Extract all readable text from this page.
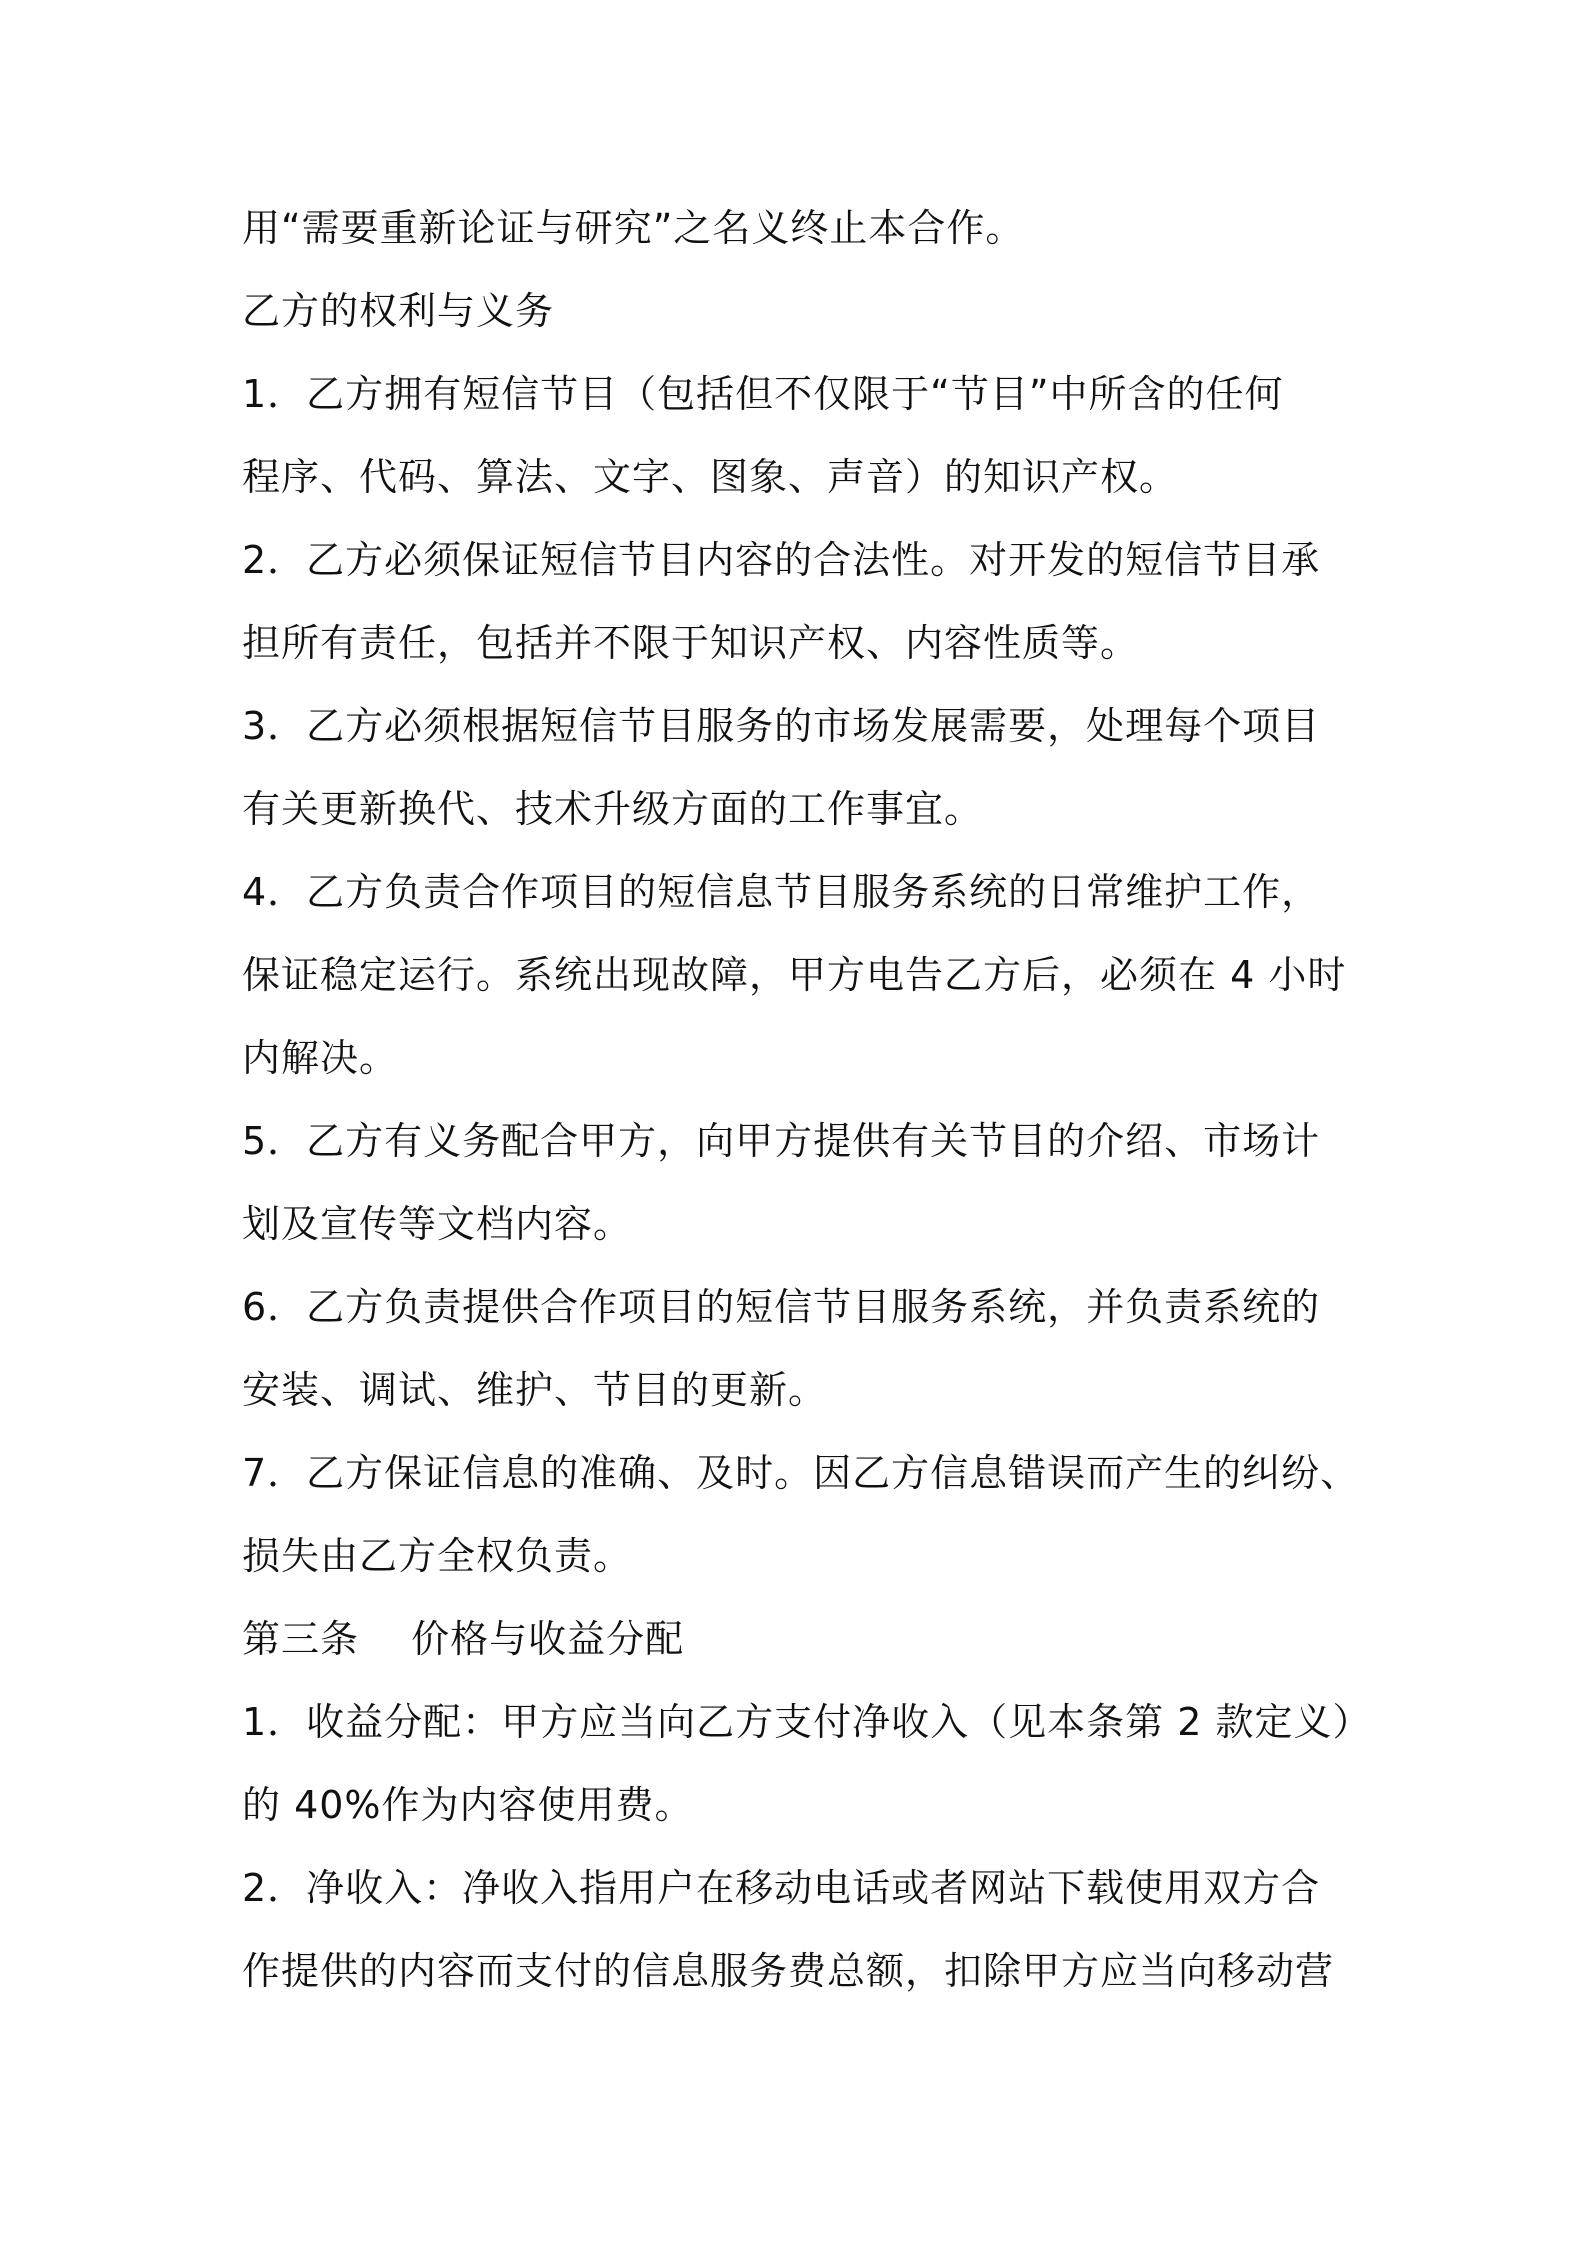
用“需要重新论证与研究”之名义终止本合作。
乙方的权利与义务
1．乙方拥有短信节目（包括但不仅限于“节目”中所含的任何
程序、代码、算法、文字、图象、声音）的知识产权。
2．乙方必须保证短信节目内容的合法性。对开发的短信节目承
担所有责任，包括并不限于知识产权、内容性质等。
3．乙方必须根据短信节目服务的市场发展需要，处理每个项目
有关更新换代、技术升级方面的工作事宜。
4．乙方负责合作项目的短信息节目服务系统的日常维护工作，
保证稳定运行。系统出现故障，甲方电告乙方后，必须在 4 小时
内解决。
5．乙方有义务配合甲方，向甲方提供有关节目的介绍、市场计
划及宣传等文档内容。
6．乙方负责提供合作项目的短信节目服务系统，并负责系统的
安装、调试、维护、节目的更新。
7．乙方保证信息的准确、及时。因乙方信息错误而产生的纠纷、
损失由乙方全权负责。
第三条　 价格与收益分配
1．收益分配：甲方应当向乙方支付净收入（见本条第 2 款定义）
的 40%作为内容使用费。
2．净收入：净收入指用户在移动电话或者网站下载使用双方合
作提供的内容而支付的信息服务费总额，扣除甲方应当向移动营
